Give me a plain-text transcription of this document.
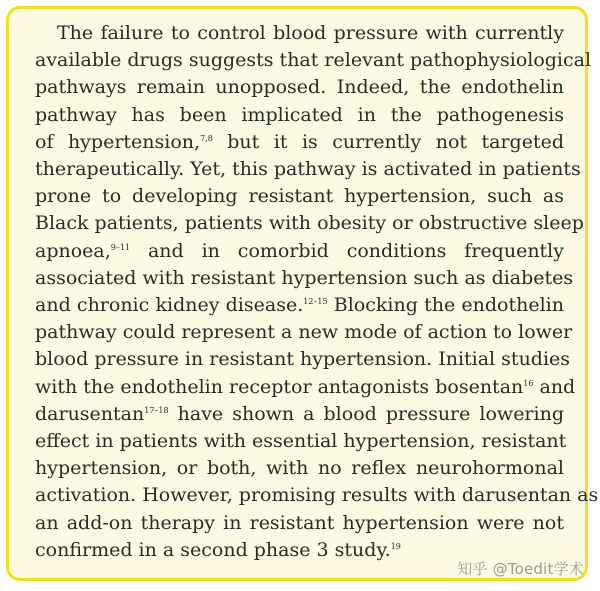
The failure to control blood pressure with currently
available drugs suggests that relevant pathophysiological
pathways remain unopposed. Indeed, the endothelin
pathway has been implicated in the pathogenesis
of hypertension,$^{7,8}$ but it is currently not targeted
therapeutically. Yet, this pathway is activated in patients
prone to developing resistant hypertension, such as
Black patients, patients with obesity or obstructive sleep
apnoea,$^{9-11}$ and in comorbid conditions frequently
associated with resistant hypertension such as diabetes
and chronic kidney disease.$^{12-15}$ Blocking the endothelin
pathway could represent a new mode of action to lower
blood pressure in resistant hypertension. Initial studies
with the endothelin receptor antagonists bosentan$^{16}$ and
darusentan$^{17-18}$ have shown a blood pressure lowering
effect in patients with essential hypertension, resistant
hypertension, or both, with no reflex neurohormonal
activation. However, promising results with darusentan as
an add-on therapy in resistant hypertension were not
confirmed in a second phase 3 study.$^{19}$

知乎 @Toedit学术
